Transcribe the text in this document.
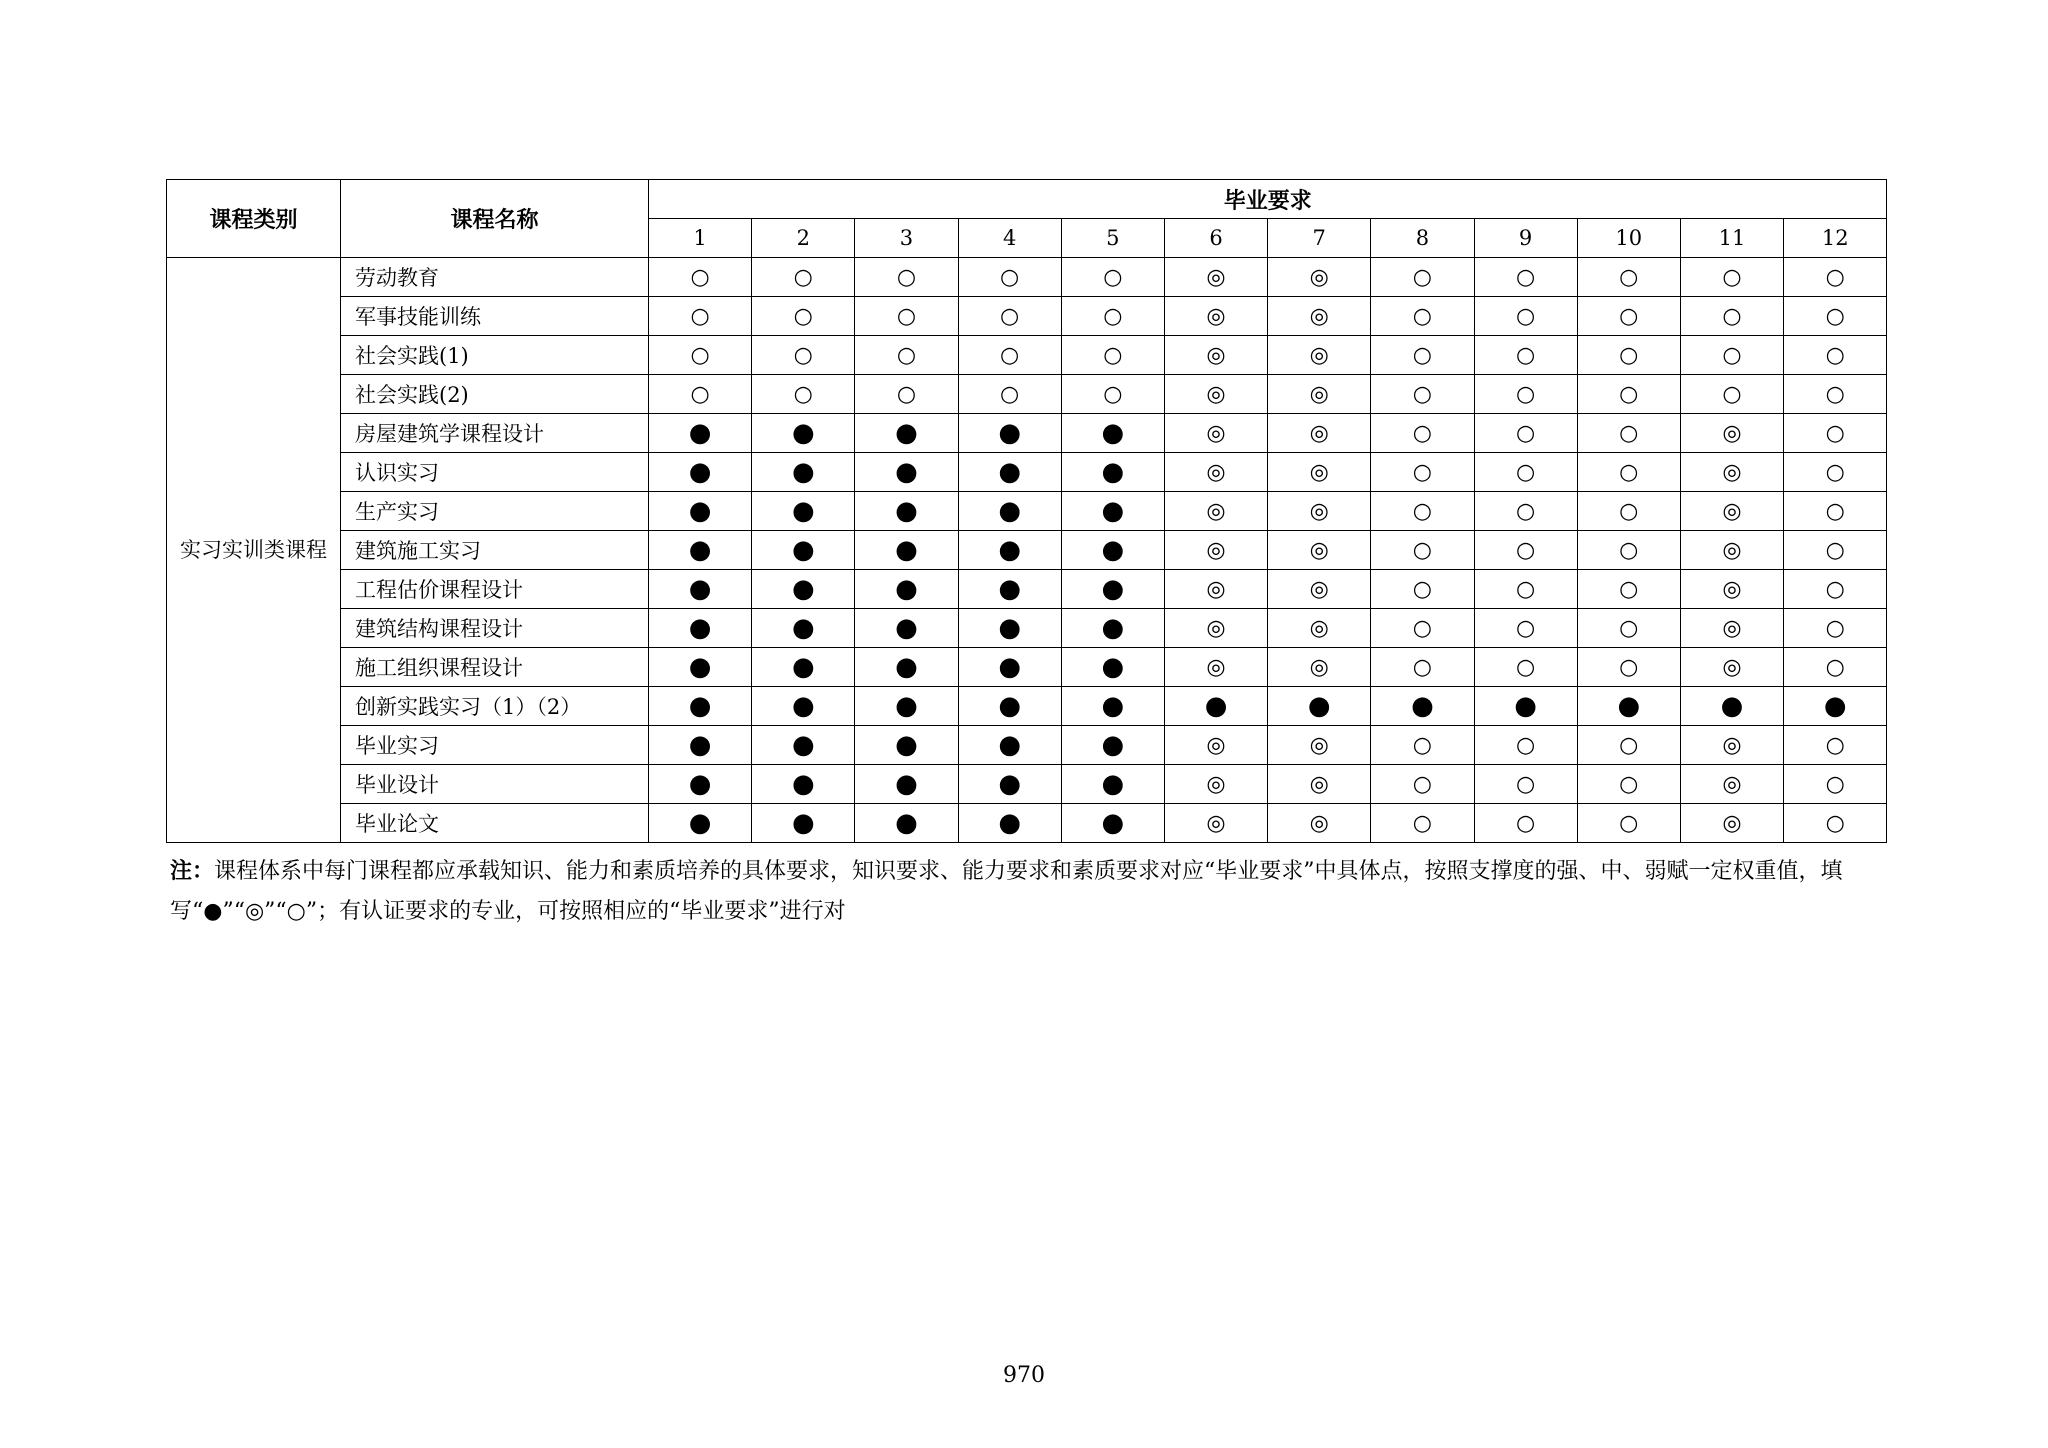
课程类别	课程名称	毕业要求											
		1	2	3	4	5	6	7	8	9	10	11	12
实习实训类课程	劳动教育	○	○	○	○	○	◎	◎	○	○	○	○	○
	军事技能训练	○	○	○	○	○	◎	◎	○	○	○	○	○
	社会实践(1)	○	○	○	○	○	◎	◎	○	○	○	○	○
	社会实践(2)	○	○	○	○	○	◎	◎	○	○	○	○	○
	房屋建筑学课程设计	●	●	●	●	●	◎	◎	○	○	○	◎	○
	认识实习	●	●	●	●	●	◎	◎	○	○	○	◎	○
	生产实习	●	●	●	●	●	◎	◎	○	○	○	◎	○
	建筑施工实习	●	●	●	●	●	◎	◎	○	○	○	◎	○
	工程估价课程设计	●	●	●	●	●	◎	◎	○	○	○	◎	○
	建筑结构课程设计	●	●	●	●	●	◎	◎	○	○	○	◎	○
	施工组织课程设计	●	●	●	●	●	◎	◎	○	○	○	◎	○
	创新实践实习（1）（2）	●	●	●	●	●	●	●	●	●	●	●	●
	毕业实习	●	●	●	●	●	◎	◎	○	○	○	◎	○
	毕业设计	●	●	●	●	●	◎	◎	○	○	○	◎	○
	毕业论文	●	●	●	●	●	◎	◎	○	○	○	◎	○
注：课程体系中每门课程都应承载知识、能力和素质培养的具体要求，知识要求、能力要求和素质要求对应“毕业要求”中具体点，按照支撑度的强、中、弱赋一定权重值，填写“●”“◎”“○”；有认证要求的专业，可按照相应的“毕业要求”进行对
970
